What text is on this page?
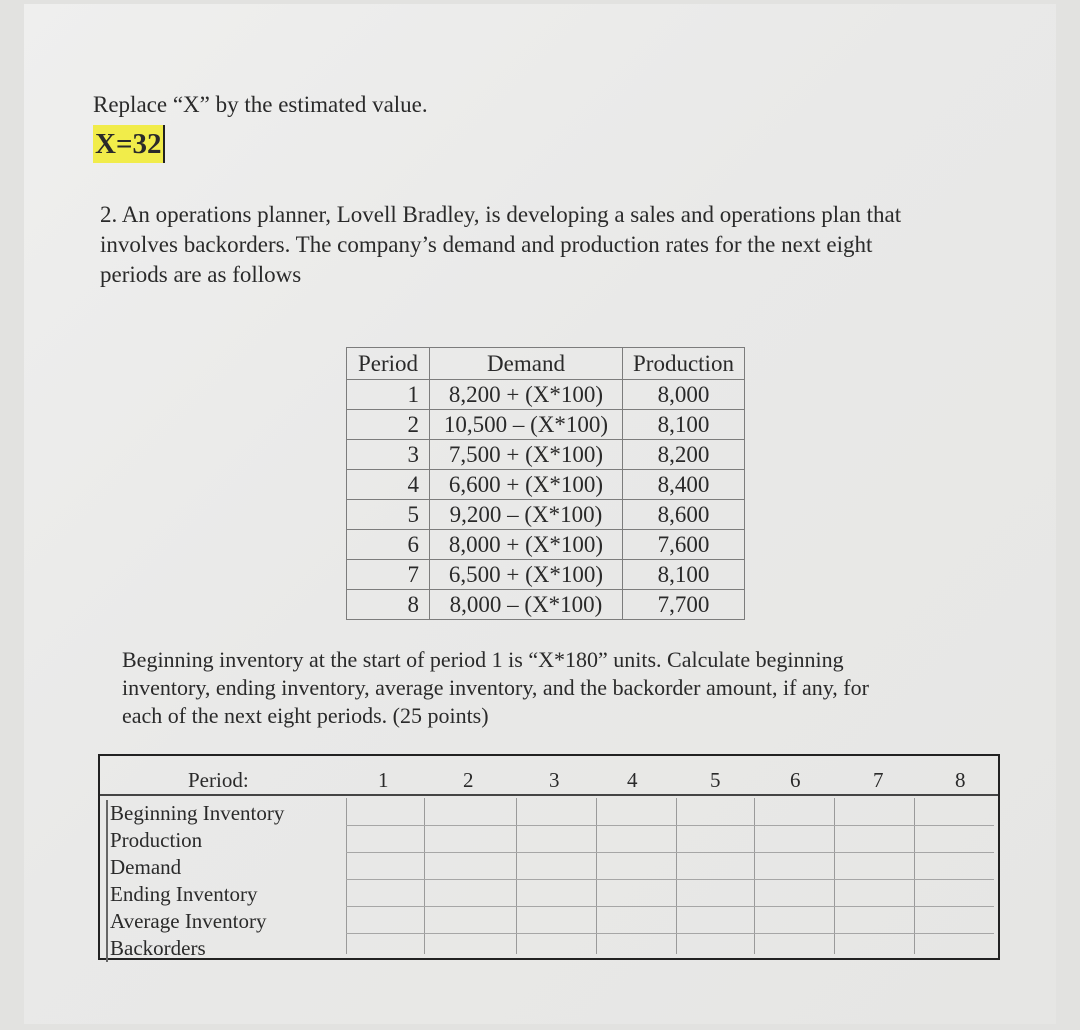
Replace “X” by the estimated value.
X=32

2. An operations planner, Lovell Bradley, is developing a sales and operations plan that

involves backorders. The company’s demand and production rates for the next eight

periods are as follows

Period	Demand	Production
1	8,200 + (X*100)	8,000
2	10,500 – (X*100)	8,100
3	7,500 + (X*100)	8,200
4	6,600 + (X*100)	8,400
5	9,200 – (X*100)	8,600
6	8,000 + (X*100)	7,600
7	6,500 + (X*100)	8,100
8	8,000 – (X*100)	7,700

Beginning inventory at the start of period 1 is “X*180” units. Calculate beginning

inventory, ending inventory, average inventory, and the backorder amount, if any, for

each of the next eight periods. (25 points)

Period:	1	2	3	4	5	6	7	8
Beginning Inventory
Production
Demand
Ending Inventory
Average Inventory
Backorders
